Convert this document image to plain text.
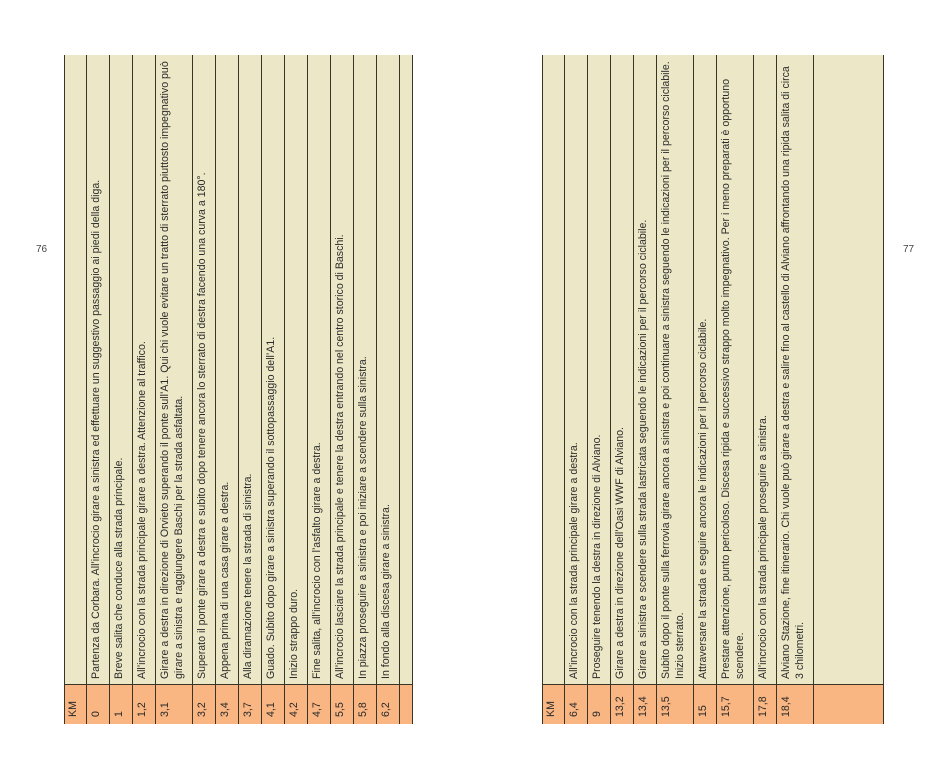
76	77
KM	0
Partenza da Corbara. All’incrocio girare a sinistra ed effettuare un suggestivo passaggio ai piedi della diga.
1
Breve salita che conduce alla strada principale.
1,2
All’incrocio con la strada principale girare a destra. Attenzione al traffico.
3,1
Girare a destra in direzione di Orvieto superando il ponte sull’A1. Qui chi vuole evitare un tratto di sterrato piuttosto impegnativo può girare a sinistra e raggiungere Baschi per la strada asfaltata.
3,2
Superato il ponte girare a destra e subito dopo tenere ancora lo sterrato di destra facendo una curva a 180°.
3,4
Appena prima di una casa girare a destra.
3,7
Alla diramazione tenere la strada di sinistra.
4,1
Guado. Subito dopo girare a sinistra superando il sottopassaggio dell’A1.
4,2
Inizio strappo duro.
4,7
Fine salita, all’incrocio con l’asfalto girare a destra.
5,5
All’incrocio lasciare la strada principale e tenere la destra entrando nel centro storico di Baschi.
5,8
In piazza proseguire a sinistra e poi iniziare a scendere sulla sinistra.
6,2
In fondo alla discesa girare a sinistra.
KM	6,4
All’incrocio con la strada principale girare a destra.
9
Proseguire tenendo la destra in direzione di Alviano.
13,2
Girare a destra in direzione dell’Oasi WWF di Alviano.
13,4
Girare a sinistra e scendere sulla strada lastricata seguendo le indicazioni per il percorso ciclabile.
13,5
Subito dopo il ponte sulla ferrovia girare ancora a sinistra e poi continuare a sinistra seguendo le indicazioni per il percorso ciclabile. Inizio sterrato.
15
Attraversare la strada e seguire ancora le indicazioni per il percorso ciclabile.
15,7
Prestare attenzione, punto pericoloso. Discesa ripida e successivo strappo molto impegnativo. Per i meno preparati è opportuno scendere.
17,8
All’incrocio con la strada principale proseguire a sinistra.
18,4
Alviano Stazione, fine itinerario. Chi vuole può girare a destra e salire fino al castello di Alviano affrontando una ripida salita di circa 3 chilometri.
